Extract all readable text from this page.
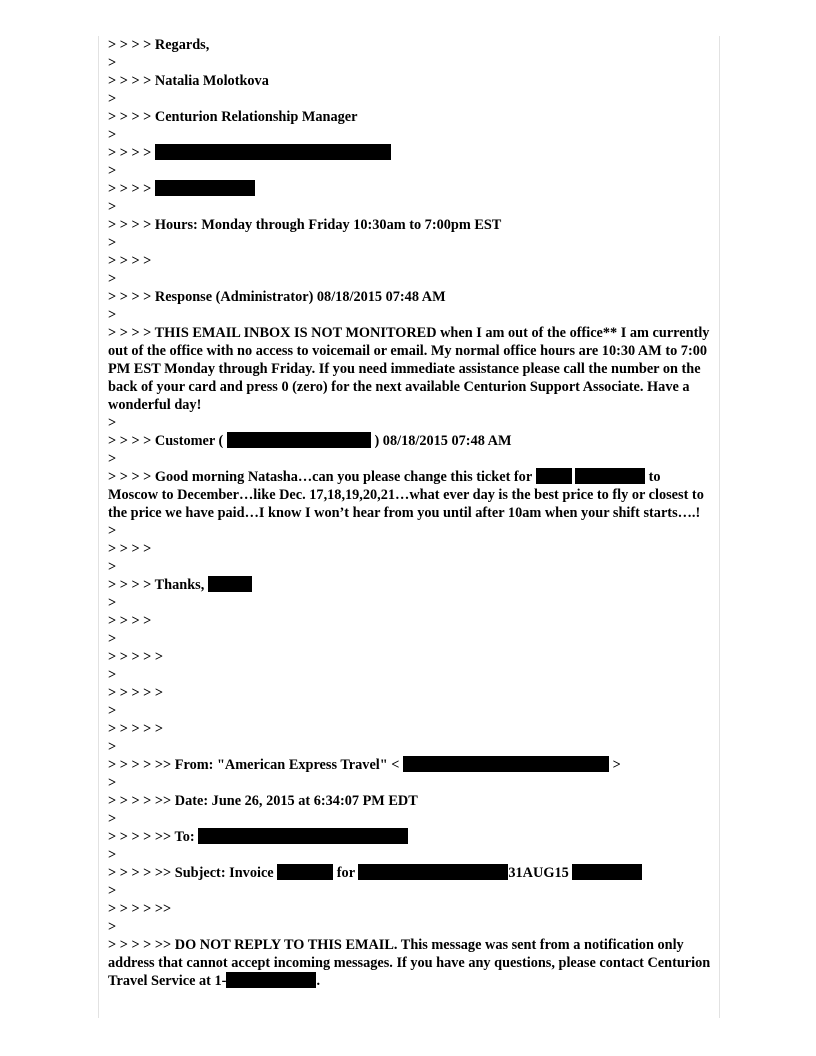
> > > > Regards,
>
> > > > Natalia Molotkova
>
> > > > Centurion Relationship Manager
>
> > > >
>
> > > >
>
> > > > Hours: Monday through Friday 10:30am to 7:00pm EST
>
> > > >
>
> > > > Response (Administrator) 08/18/2015 07:48 AM
>
> > > > THIS EMAIL INBOX IS NOT MONITORED when I am out of the office** I am currently out of the office with no access to voicemail or email. My normal office hours are 10:30 AM to 7:00 PM EST Monday through Friday. If you need immediate assistance please call the number on the back of your card and press 0 (zero) for the next available Centurion Support Associate. Have a wonderful day!
>
> > > > Customer (	) 08/18/2015 07:48 AM
>
> > > > Good morning Natasha…can you please change this ticket for	to Moscow to December…like Dec. 17,18,19,20,21…what ever day is the best price to fly or closest to the price we have paid…I know I won’t hear from you until after 10am when your shift starts….!
>
> > > >
>
> > > > Thanks,
>
> > > >
>
> > > > >
>
> > > > >
>
> > > > >
>
> > > > >> From: "American Express Travel" <	>
>
> > > > >> Date: June 26, 2015 at 6:34:07 PM EDT
>
> > > > >> To:
>
> > > > >> Subject: Invoice	for	31AUG15
>
> > > > >>
>
> > > > >> DO NOT REPLY TO THIS EMAIL. This message was sent from a notification only address that cannot accept incoming messages. If you have any questions, please contact Centurion Travel Service at 1-	.
